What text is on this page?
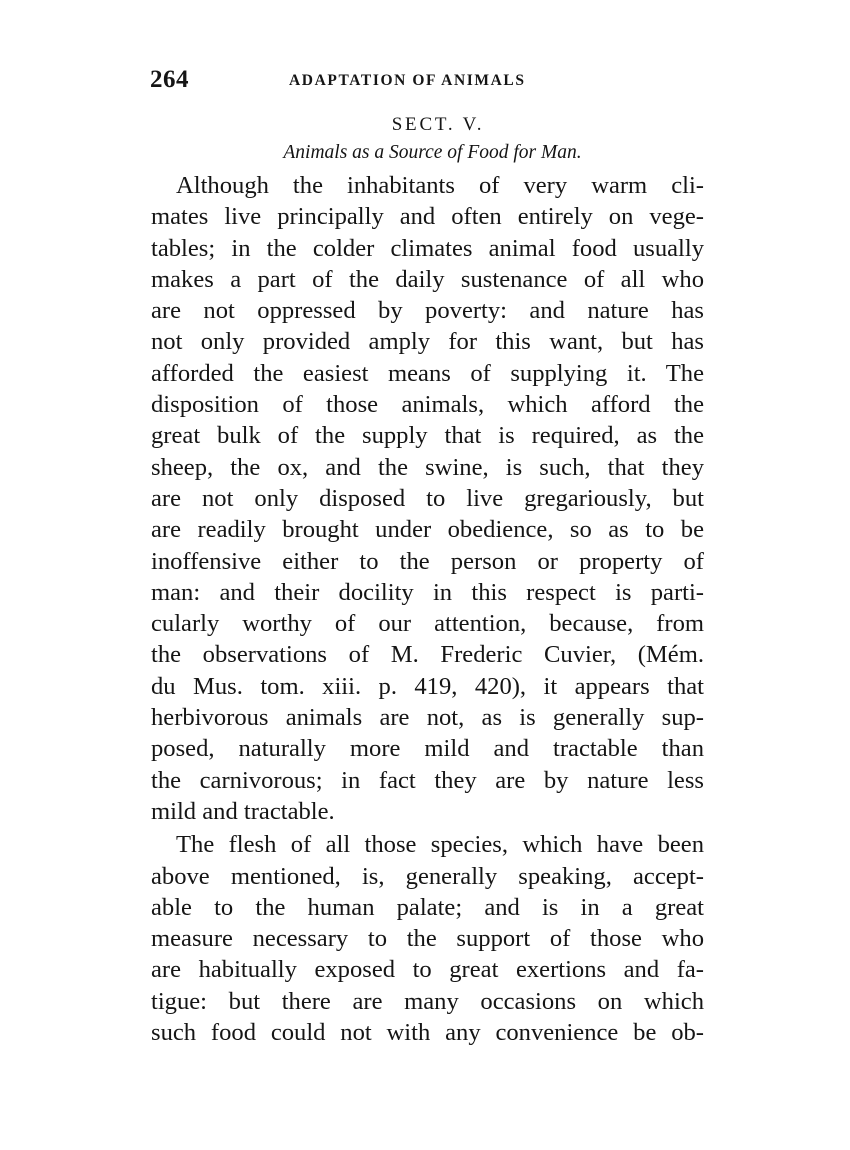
264	ADAPTATION OF ANIMALS
SECT. V.
Animals as a Source of Food for Man.
Although the inhabitants of very warm cli-
mates live principally and often entirely on vege-
tables; in the colder climates animal food usually
makes a part of the daily sustenance of all who
are not oppressed by poverty: and nature has
not only provided amply for this want, but has
afforded the easiest means of supplying it. The
disposition of those animals, which afford the
great bulk of the supply that is required, as the
sheep, the ox, and the swine, is such, that they
are not only disposed to live gregariously, but
are readily brought under obedience, so as to be
inoffensive either to the person or property of
man: and their docility in this respect is parti-
cularly worthy of our attention, because, from
the observations of M. Frederic Cuvier, (Mém.
du Mus. tom. xiii. p. 419, 420), it appears that
herbivorous animals are not, as is generally sup-
posed, naturally more mild and tractable than
the carnivorous; in fact they are by nature less
mild and tractable.
The flesh of all those species, which have been
above mentioned, is, generally speaking, accept-
able to the human palate; and is in a great
measure necessary to the support of those who
are habitually exposed to great exertions and fa-
tigue: but there are many occasions on which
such food could not with any convenience be ob-
